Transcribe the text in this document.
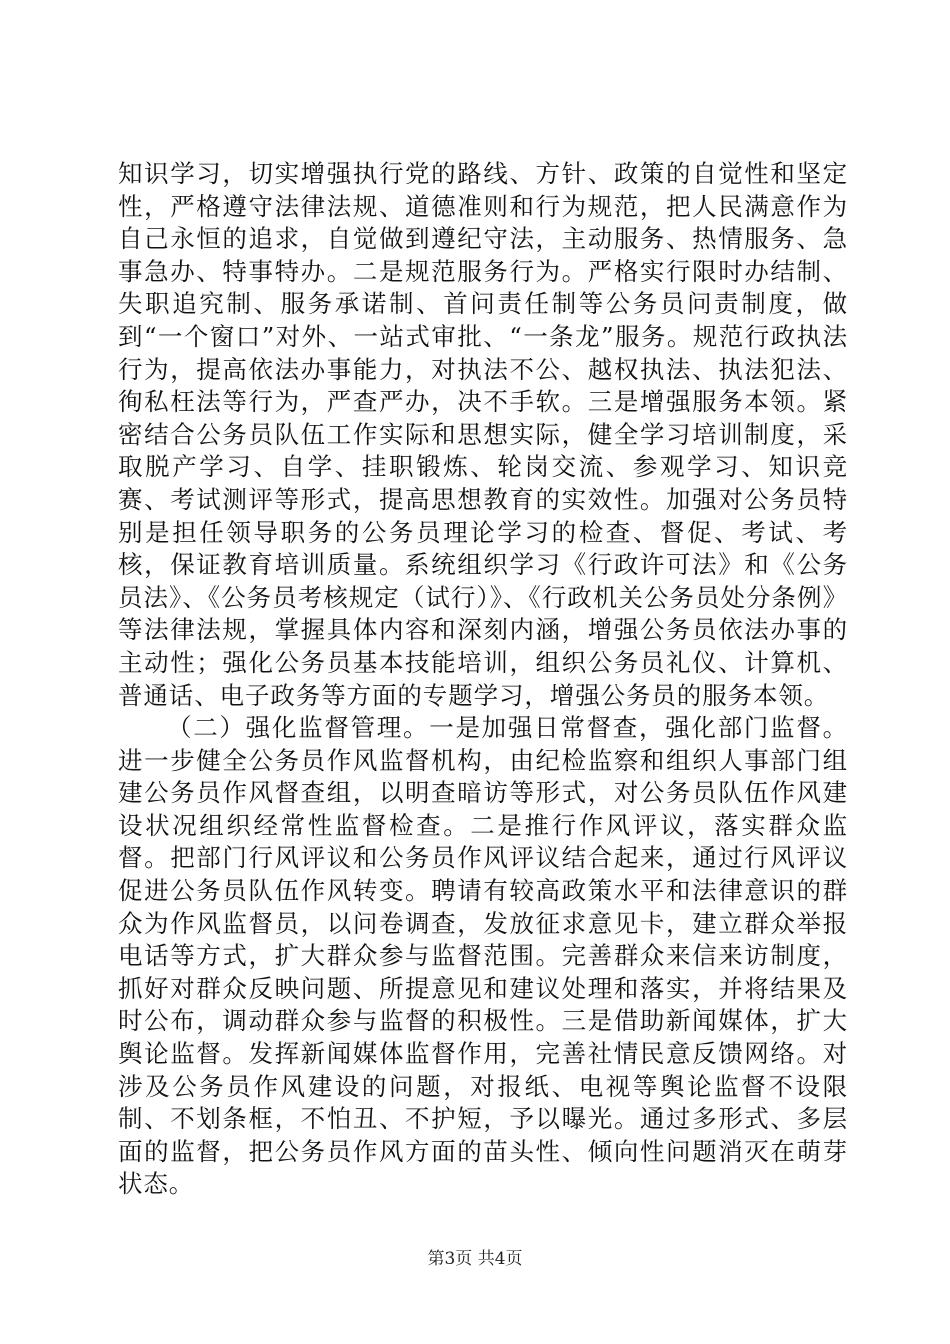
知识学习，切实增强执行党的路线、方针、政策的自觉性和坚定性，严格遵守法律法规、道德准则和行为规范，把人民满意作为自己永恒的追求，自觉做到遵纪守法，主动服务、热情服务、急事急办、特事特办。二是规范服务行为。严格实行限时办结制、失职追究制、服务承诺制、首问责任制等公务员问责制度，做到“一个窗口”对外、一站式审批、“一条龙”服务。规范行政执法行为，提高依法办事能力，对执法不公、越权执法、执法犯法、徇私枉法等行为，严查严办，决不手软。三是增强服务本领。紧密结合公务员队伍工作实际和思想实际，健全学习培训制度，采取脱产学习、自学、挂职锻炼、轮岗交流、参观学习、知识竞赛、考试测评等形式，提高思想教育的实效性。加强对公务员特别是担任领导职务的公务员理论学习的检查、督促、考试、考核，保证教育培训质量。系统组织学习《行政许可法》和《公务员法》、《公务员考核规定（试行）》、《行政机关公务员处分条例》等法律法规，掌握具体内容和深刻内涵，增强公务员依法办事的主动性；强化公务员基本技能培训，组织公务员礼仪、计算机、普通话、电子政务等方面的专题学习，增强公务员的服务本领。

（二）强化监督管理。一是加强日常督查，强化部门监督。进一步健全公务员作风监督机构，由纪检监察和组织人事部门组建公务员作风督查组，以明查暗访等形式，对公务员队伍作风建设状况组织经常性监督检查。二是推行作风评议，落实群众监督。把部门行风评议和公务员作风评议结合起来，通过行风评议促进公务员队伍作风转变。聘请有较高政策水平和法律意识的群众为作风监督员，以问卷调查，发放征求意见卡，建立群众举报电话等方式，扩大群众参与监督范围。完善群众来信来访制度，抓好对群众反映问题、所提意见和建议处理和落实，并将结果及时公布，调动群众参与监督的积极性。三是借助新闻媒体，扩大舆论监督。发挥新闻媒体监督作用，完善社情民意反馈网络。对涉及公务员作风建设的问题，对报纸、电视等舆论监督不设限制、不划条框，不怕丑、不护短，予以曝光。通过多形式、多层面的监督，把公务员作风方面的苗头性、倾向性问题消灭在萌芽状态。

第3页 共4页
